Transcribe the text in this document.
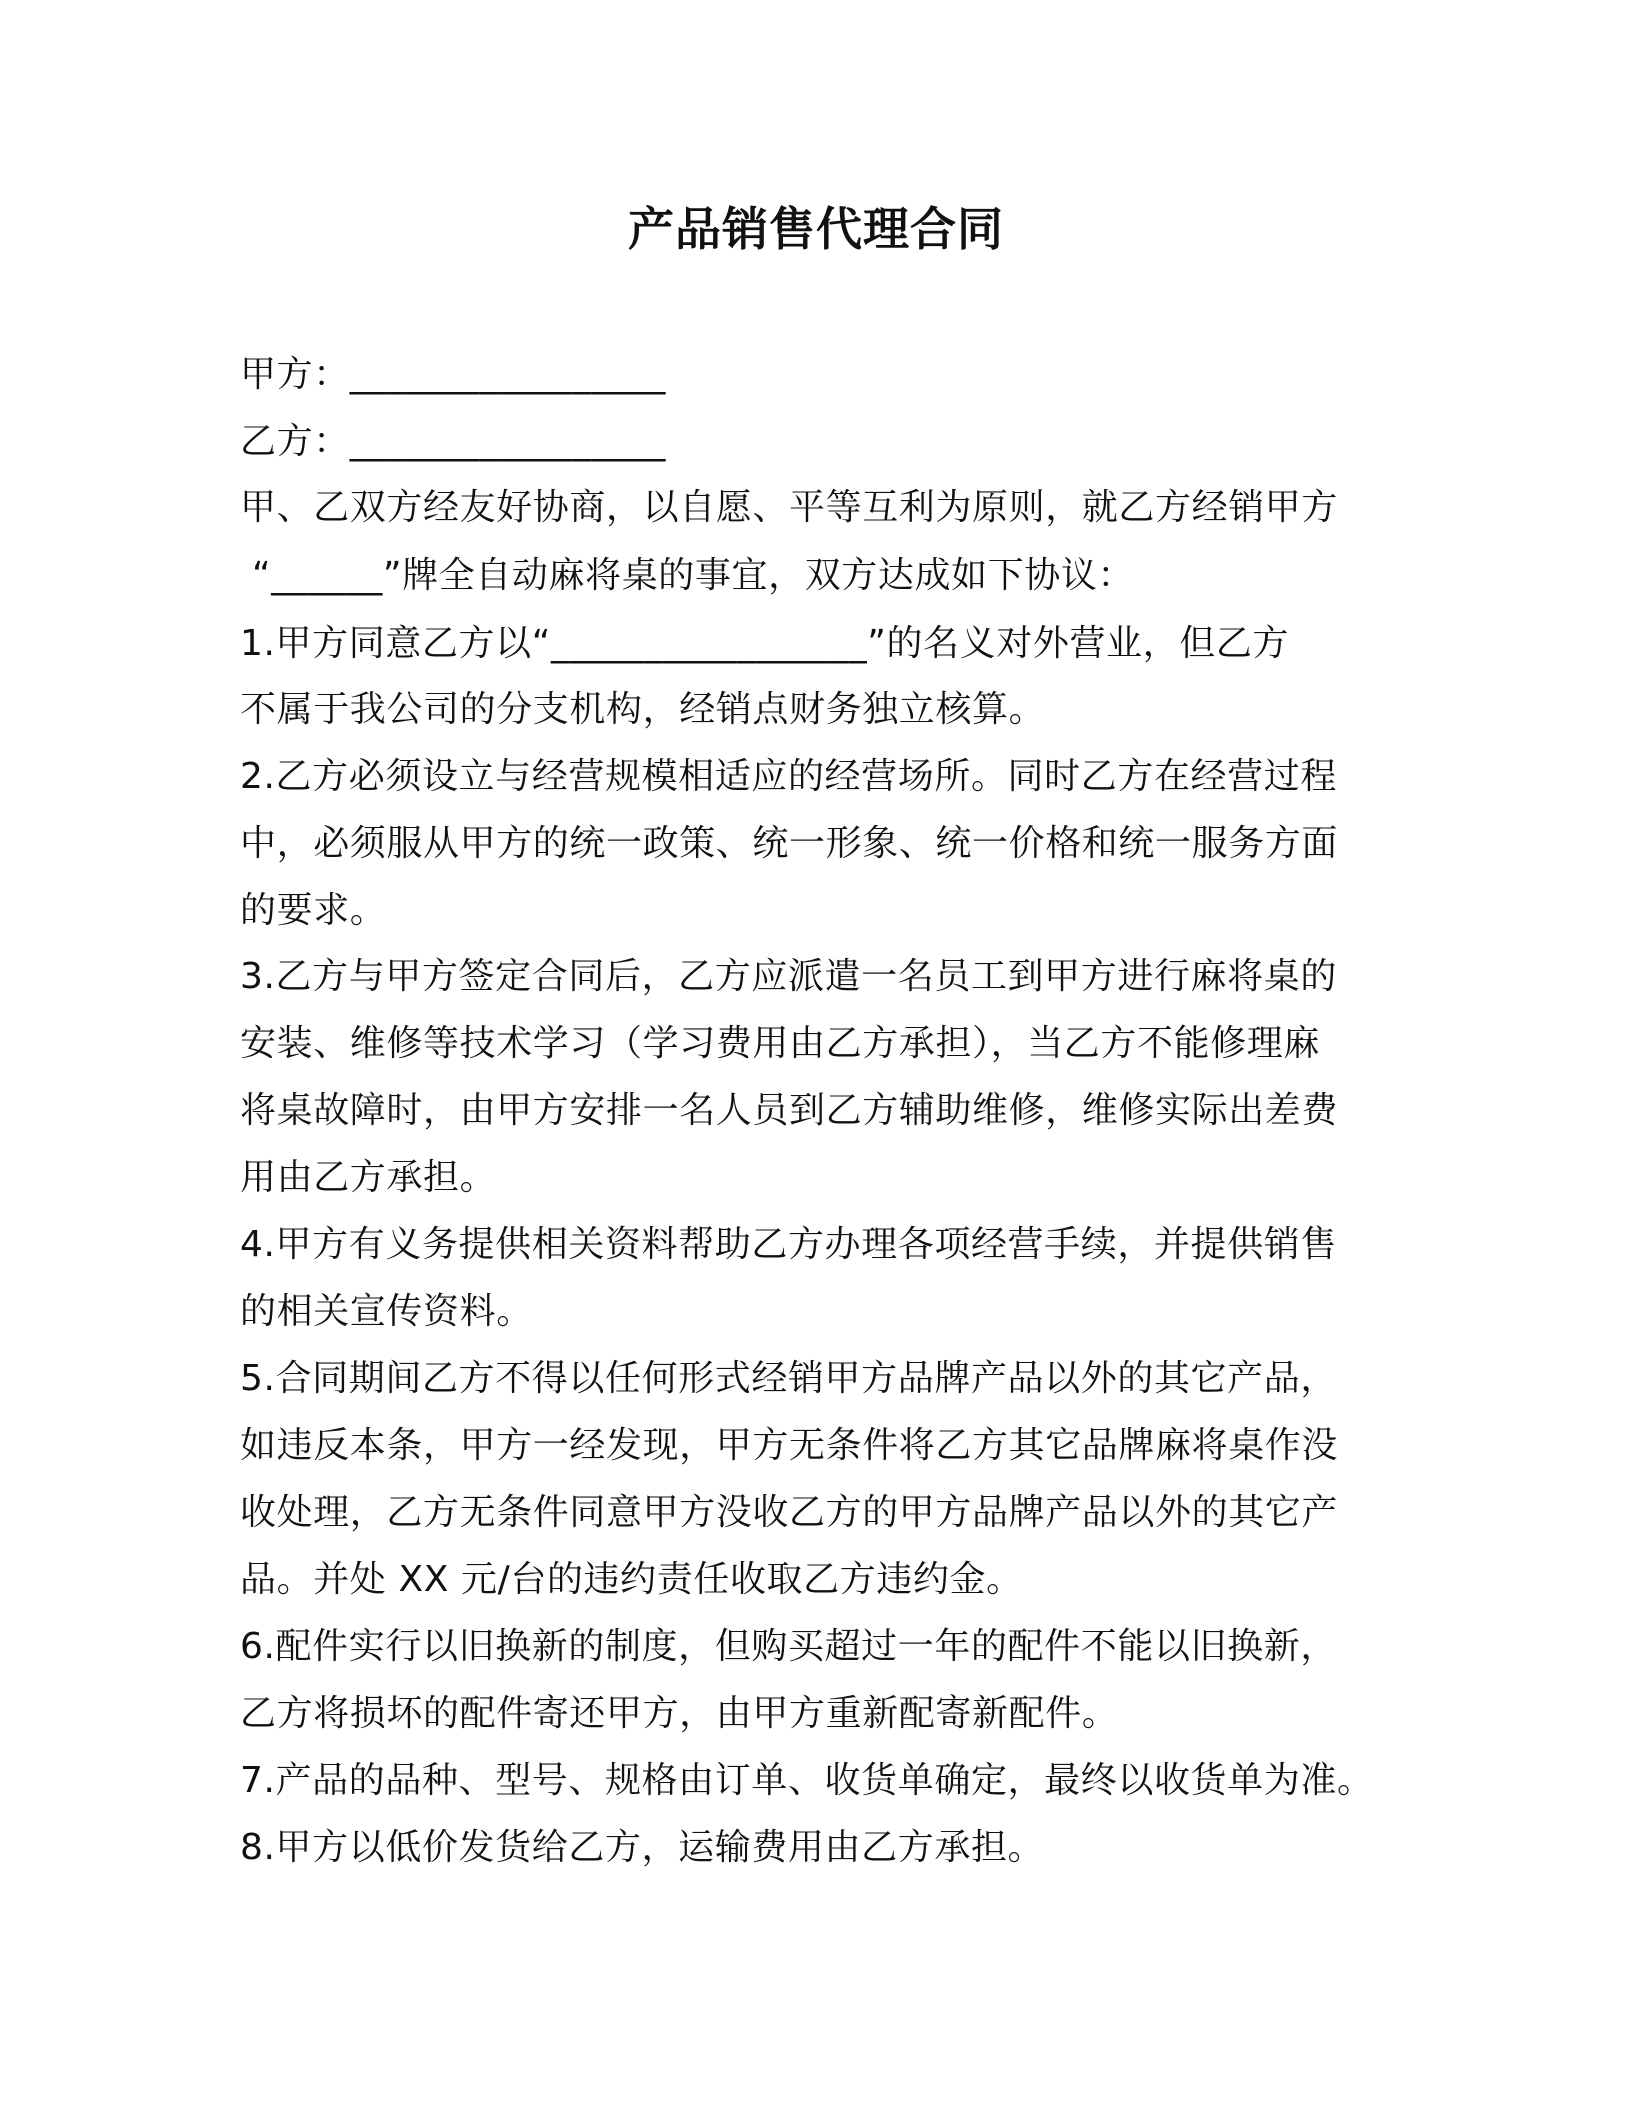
产品销售代理合同
甲方：_________________
乙方：_________________
甲、乙双方经友好协商，以自愿、平等互利为原则，就乙方经销甲方
“______”牌全自动麻将桌的事宜，双方达成如下协议：
1.甲方同意乙方以“_________________”的名义对外营业，但乙方
不属于我公司的分支机构，经销点财务独立核算。
2.乙方必须设立与经营规模相适应的经营场所。同时乙方在经营过程
中，必须服从甲方的统一政策、统一形象、统一价格和统一服务方面
的要求。
3.乙方与甲方签定合同后，乙方应派遣一名员工到甲方进行麻将桌的
安装、维修等技术学习（学习费用由乙方承担），当乙方不能修理麻
将桌故障时，由甲方安排一名人员到乙方辅助维修，维修实际出差费
用由乙方承担。
4.甲方有义务提供相关资料帮助乙方办理各项经营手续，并提供销售
的相关宣传资料。
5.合同期间乙方不得以任何形式经销甲方品牌产品以外的其它产品，
如违反本条，甲方一经发现，甲方无条件将乙方其它品牌麻将桌作没
收处理，乙方无条件同意甲方没收乙方的甲方品牌产品以外的其它产
品。并处 XX 元/台的违约责任收取乙方违约金。
6.配件实行以旧换新的制度，但购买超过一年的配件不能以旧换新，
乙方将损坏的配件寄还甲方，由甲方重新配寄新配件。
7.产品的品种、型号、规格由订单、收货单确定，最终以收货单为准。
8.甲方以低价发货给乙方，运输费用由乙方承担。
